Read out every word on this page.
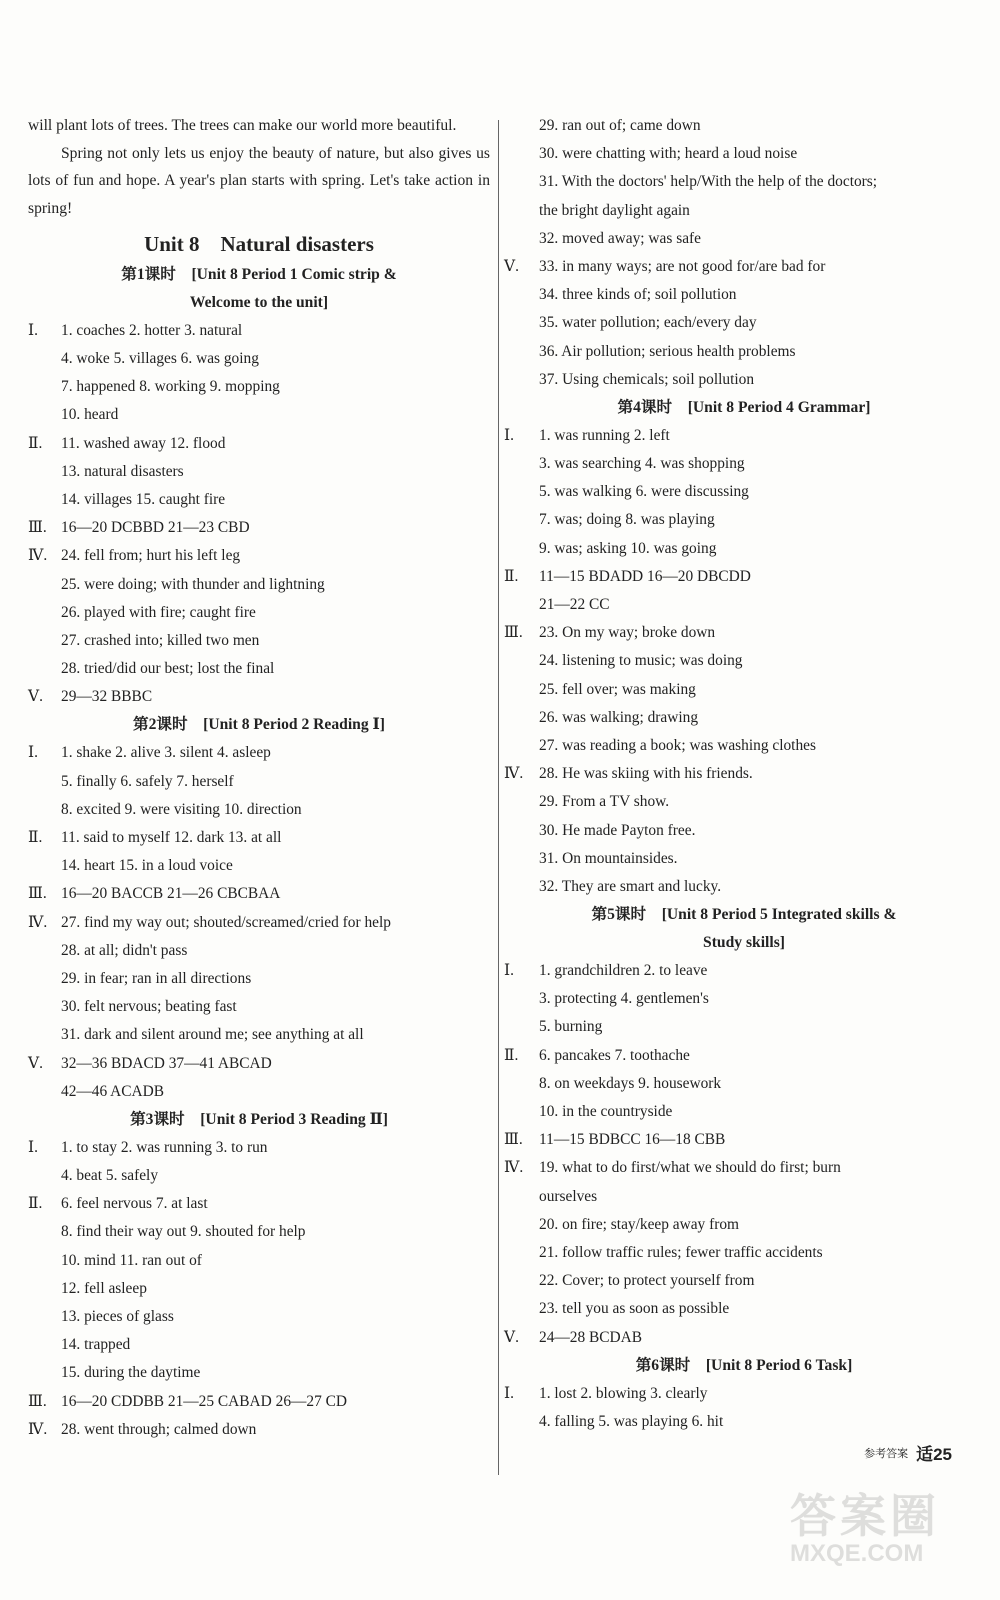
will plant lots of trees. The trees can make our world more beautiful.

Spring not only lets us enjoy the beauty of nature, but also gives us lots of fun and hope. A year's plan starts with spring. Let's take action in spring!

Unit 8　Natural disasters
第1课时　[Unit 8 Period 1 Comic strip &
Welcome to the unit]
Ⅰ.	1. coaches 2. hotter 3. natural
4. woke 5. villages 6. was going
7. happened 8. working 9. mopping
10. heard
Ⅱ.	11. washed away 12. flood
13. natural disasters
14. villages 15. caught fire
Ⅲ. 16—20 DCBBD 21—23 CBD
Ⅳ. 24. fell from; hurt his left leg
25. were doing; with thunder and lightning
26. played with fire; caught fire
27. crashed into; killed two men
28. tried/did our best; lost the final
Ⅴ.	29—32 BBBC
第2课时　[Unit 8 Period 2 Reading Ⅰ]
Ⅰ.	1. shake 2. alive 3. silent 4. asleep
5. finally 6. safely 7. herself
8. excited 9. were visiting 10. direction
Ⅱ.	11. said to myself 12. dark 13. at all
14. heart 15. in a loud voice
Ⅲ. 16—20 BACCB 21—26 CBCBAA
Ⅳ. 27. find my way out; shouted/screamed/cried for help
28. at all; didn't pass
29. in fear; ran in all directions
30. felt nervous; beating fast
31. dark and silent around me; see anything at all
Ⅴ.	32—36 BDACD 37—41 ABCAD
42—46 ACADB
第3课时　[Unit 8 Period 3 Reading Ⅱ]
Ⅰ.	1. to stay 2. was running 3. to run
4. beat 5. safely
Ⅱ.	6. feel nervous 7. at last
8. find their way out 9. shouted for help
10. mind 11. ran out of
12. fell asleep
13. pieces of glass
14. trapped
15. during the daytime
Ⅲ. 16—20 CDDBB 21—25 CABAD 26—27 CD
Ⅳ. 28. went through; calmed down
29. ran out of; came down
30. were chatting with; heard a loud noise
31. With the doctors' help/With the help of the doctors;
the bright daylight again
32. moved away; was safe
Ⅴ.	33. in many ways; are not good for/are bad for
34. three kinds of; soil pollution
35. water pollution; each/every day
36. Air pollution; serious health problems
37. Using chemicals; soil pollution
第4课时　[Unit 8 Period 4 Grammar]
Ⅰ.	1. was running 2. left
3. was searching 4. was shopping
5. was walking 6. were discussing
7. was; doing 8. was playing
9. was; asking 10. was going
Ⅱ.	11—15 BDADD 16—20 DBCDD
21—22 CC
Ⅲ.	23. On my way; broke down
24. listening to music; was doing
25. fell over; was making
26. was walking; drawing
27. was reading a book; was washing clothes
Ⅳ.	28. He was skiing with his friends.
29. From a TV show.
30. He made Payton free.
31. On mountainsides.
32. They are smart and lucky.
第5课时　[Unit 8 Period 5 Integrated skills &
Study skills]
Ⅰ.	1. grandchildren 2. to leave
3. protecting 4. gentlemen's
5. burning
Ⅱ.	6. pancakes 7. toothache
8. on weekdays 9. housework
10. in the countryside
Ⅲ.	11—15 BDBCC 16—18 CBB
Ⅳ.	19. what to do first/what we should do first; burn
ourselves
20. on fire; stay/keep away from
21. follow traffic rules; fewer traffic accidents
22. Cover; to protect yourself from
23. tell you as soon as possible
Ⅴ.	24—28 BCDAB
第6课时　[Unit 8 Period 6 Task]
Ⅰ.	1. lost 2. blowing 3. clearly
4. falling 5. was playing 6. hit
参考答案 适25
答案圈
MXQE.COM
